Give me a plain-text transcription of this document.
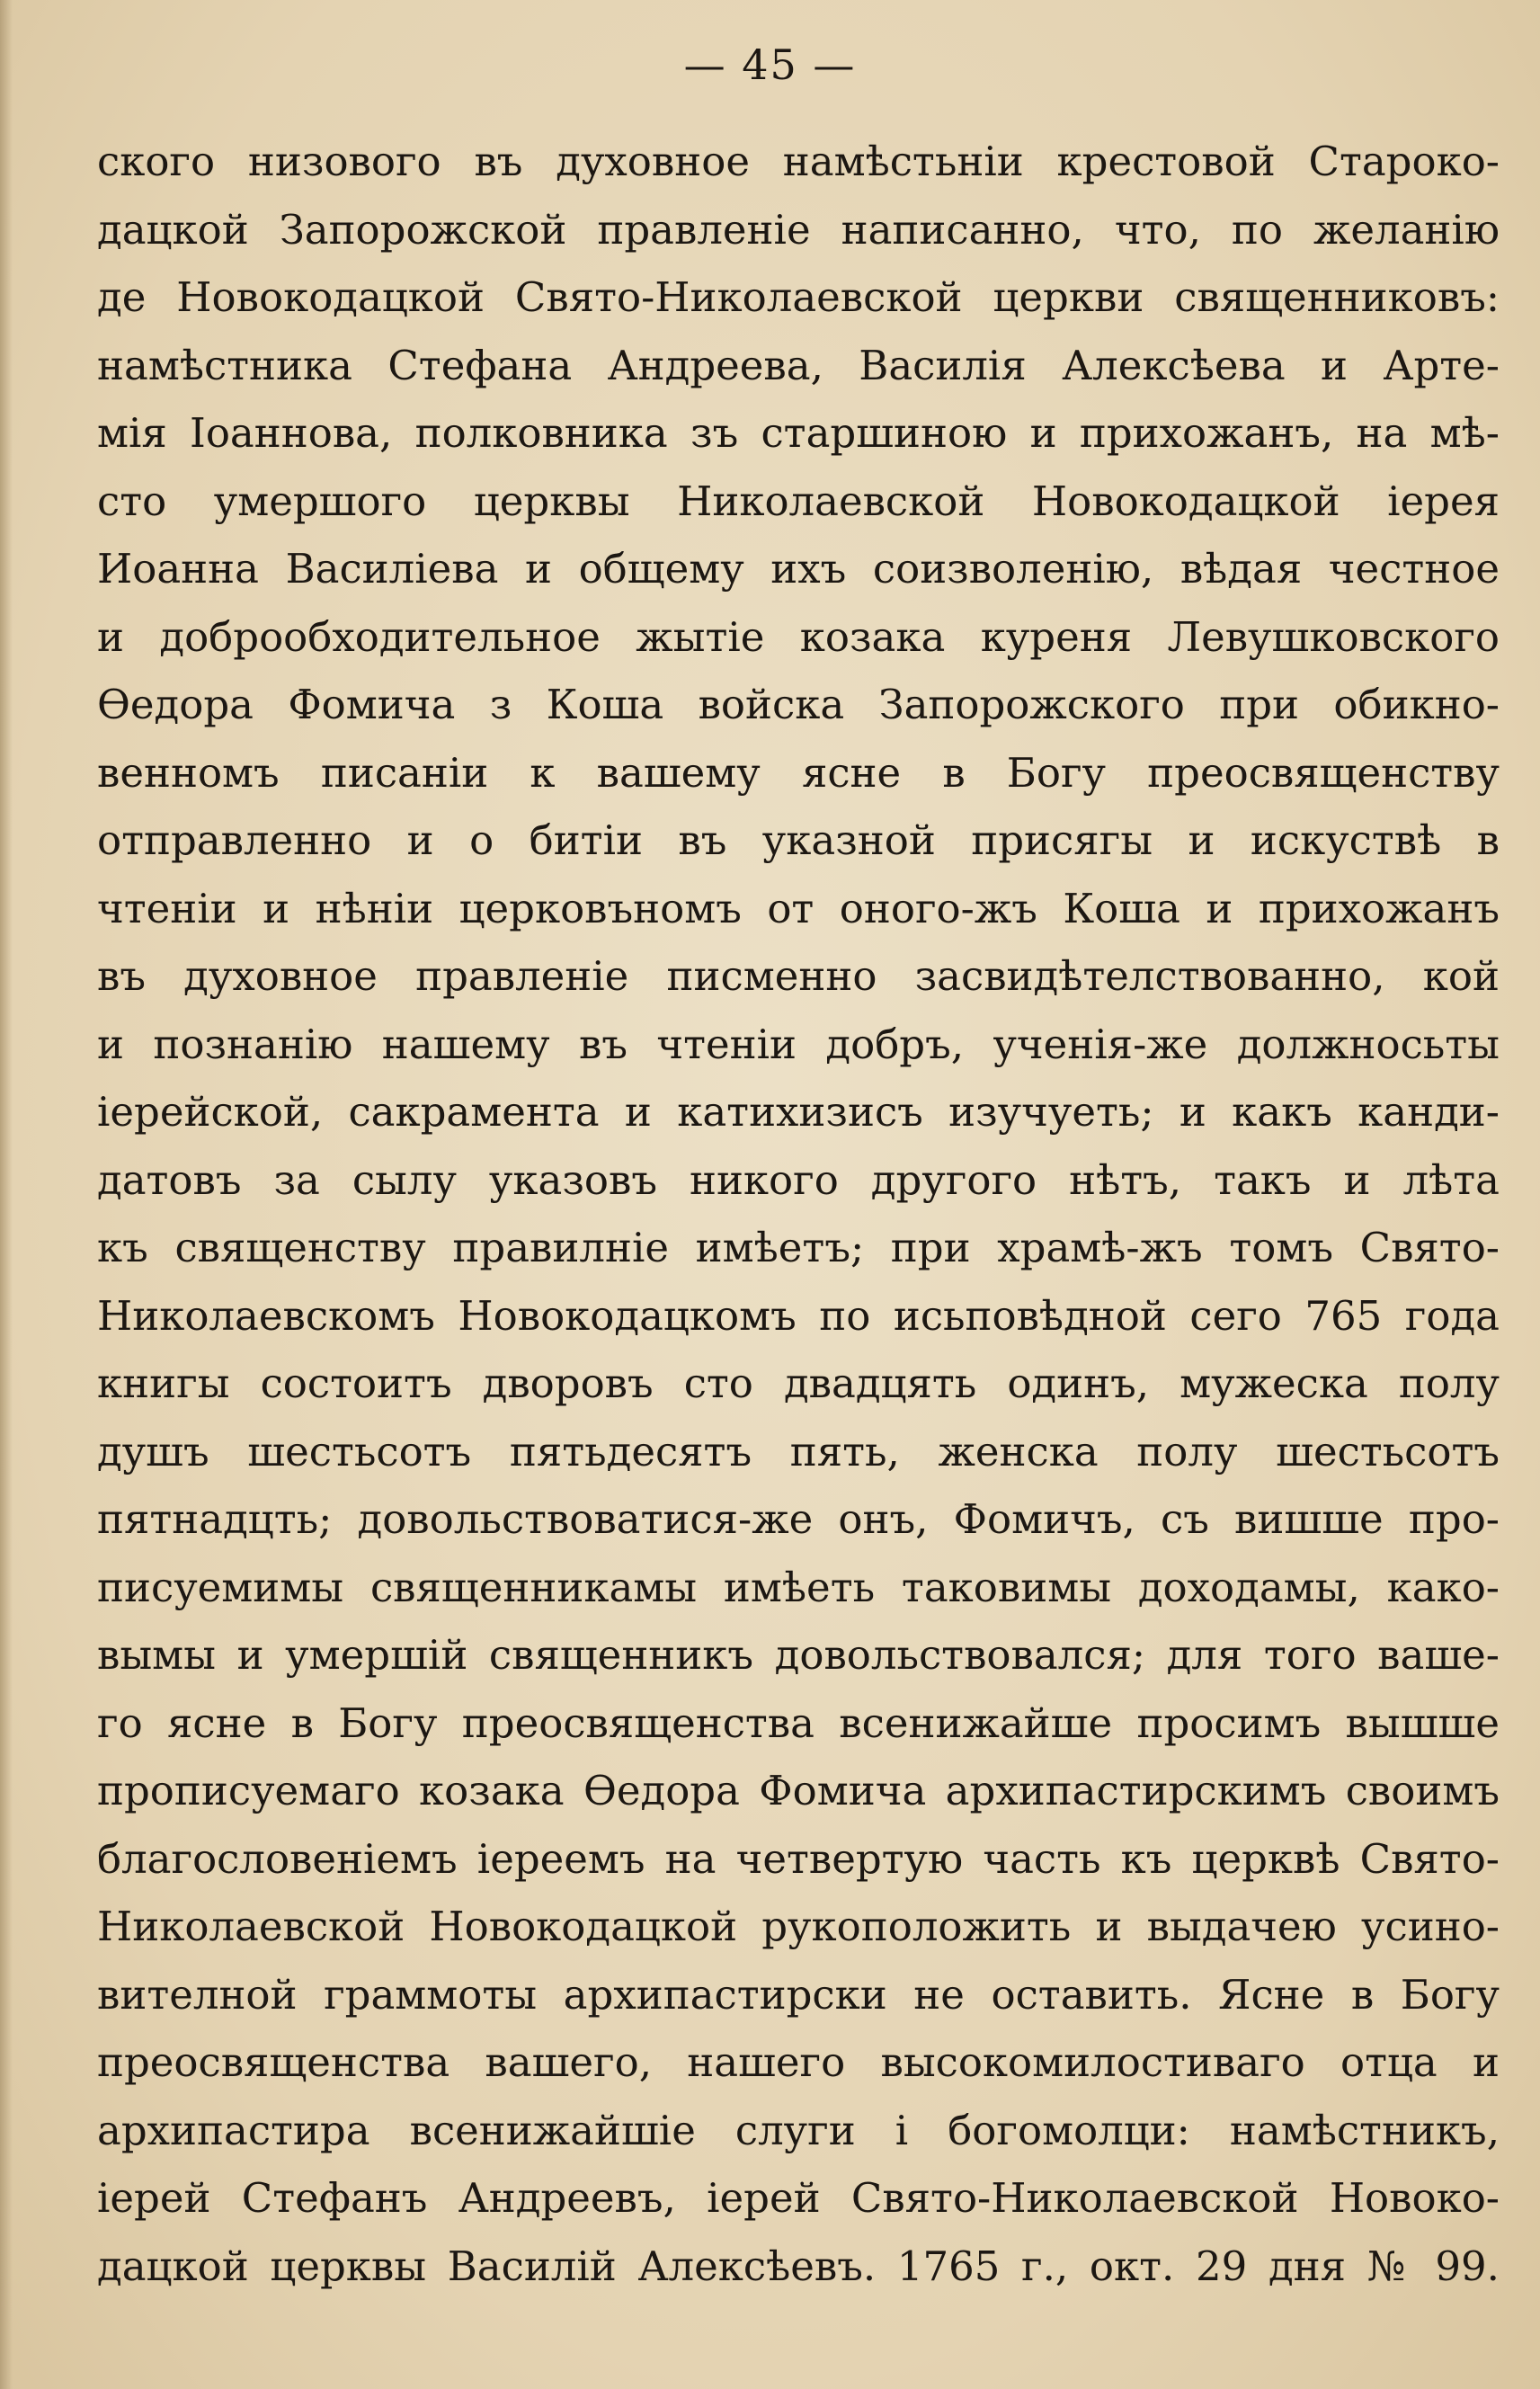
— 45 —
ского низового въ духовное намѣстьніи крестовой Староко-
дацкой Запорожской правленіе написанно, что, по желанію
де Новокодацкой Свято-Николаевской церкви священниковъ:
намѣстника Стефана Андреева, Василія Алексѣева и Арте-
мія Іоаннова, полковника зъ старшиною и прихожанъ, на мѣ-
сто умершого церквы Николаевской Новокодацкой іерея
Иоанна Василіева и общему ихъ соизволенію, вѣдая честное
и доброобходительное жытіе козака куреня Левушковского
Өедора Фомича з Коша войска Запорожского при обикно-
венномъ писаніи к вашему ясне в Богу преосвященству
отправленно и о битіи въ указной присягы и искуствѣ в
чтеніи и нѣніи церковъномъ от оного-жъ Коша и прихожанъ
въ духовное правленіе писменно засвидѣтелствованно, кой
и познанію нашему въ чтеніи добръ, ученія-же должносьты
іерейской, сакрамента и катихизисъ изучуеть; и какъ канди-
датовъ за сылу указовъ никого другого нѣтъ, такъ и лѣта
къ священству правилніе имѣетъ; при храмѣ-жъ томъ Свято-
Николаевскомъ Новокодацкомъ по исьповѣдной сего 765 года
книгы состоитъ дворовъ сто двадцять одинъ, мужеска полу
душъ шестьсотъ пятьдесятъ пять, женска полу шестьсотъ
пятнадцть; довольствоватися-же онъ, Фомичъ, съ вишше про-
писуемимы священникамы имѣеть таковимы доходамы, како-
вымы и умершій священникъ довольствовался; для того ваше-
го ясне в Богу преосвященства всенижайше просимъ вышше
прописуемаго козака Өедора Фомича архипастирскимъ своимъ
благословеніемъ іереемъ на четвертую часть къ церквѣ Свято-
Николаевской Новокодацкой рукоположить и выдачею усино-
вителной граммоты архипастирски не оставить. Ясне в Богу
преосвященства вашего, нашего высокомилостиваго отца и
архипастира всенижайшіе слуги і богомолци: намѣстникъ,
іерей Стефанъ Андреевъ, іерей Свято-Николаевской Новоко-
дацкой церквы Василій Алексѣевъ. 1765 г., окт. 29 дня № 99.
